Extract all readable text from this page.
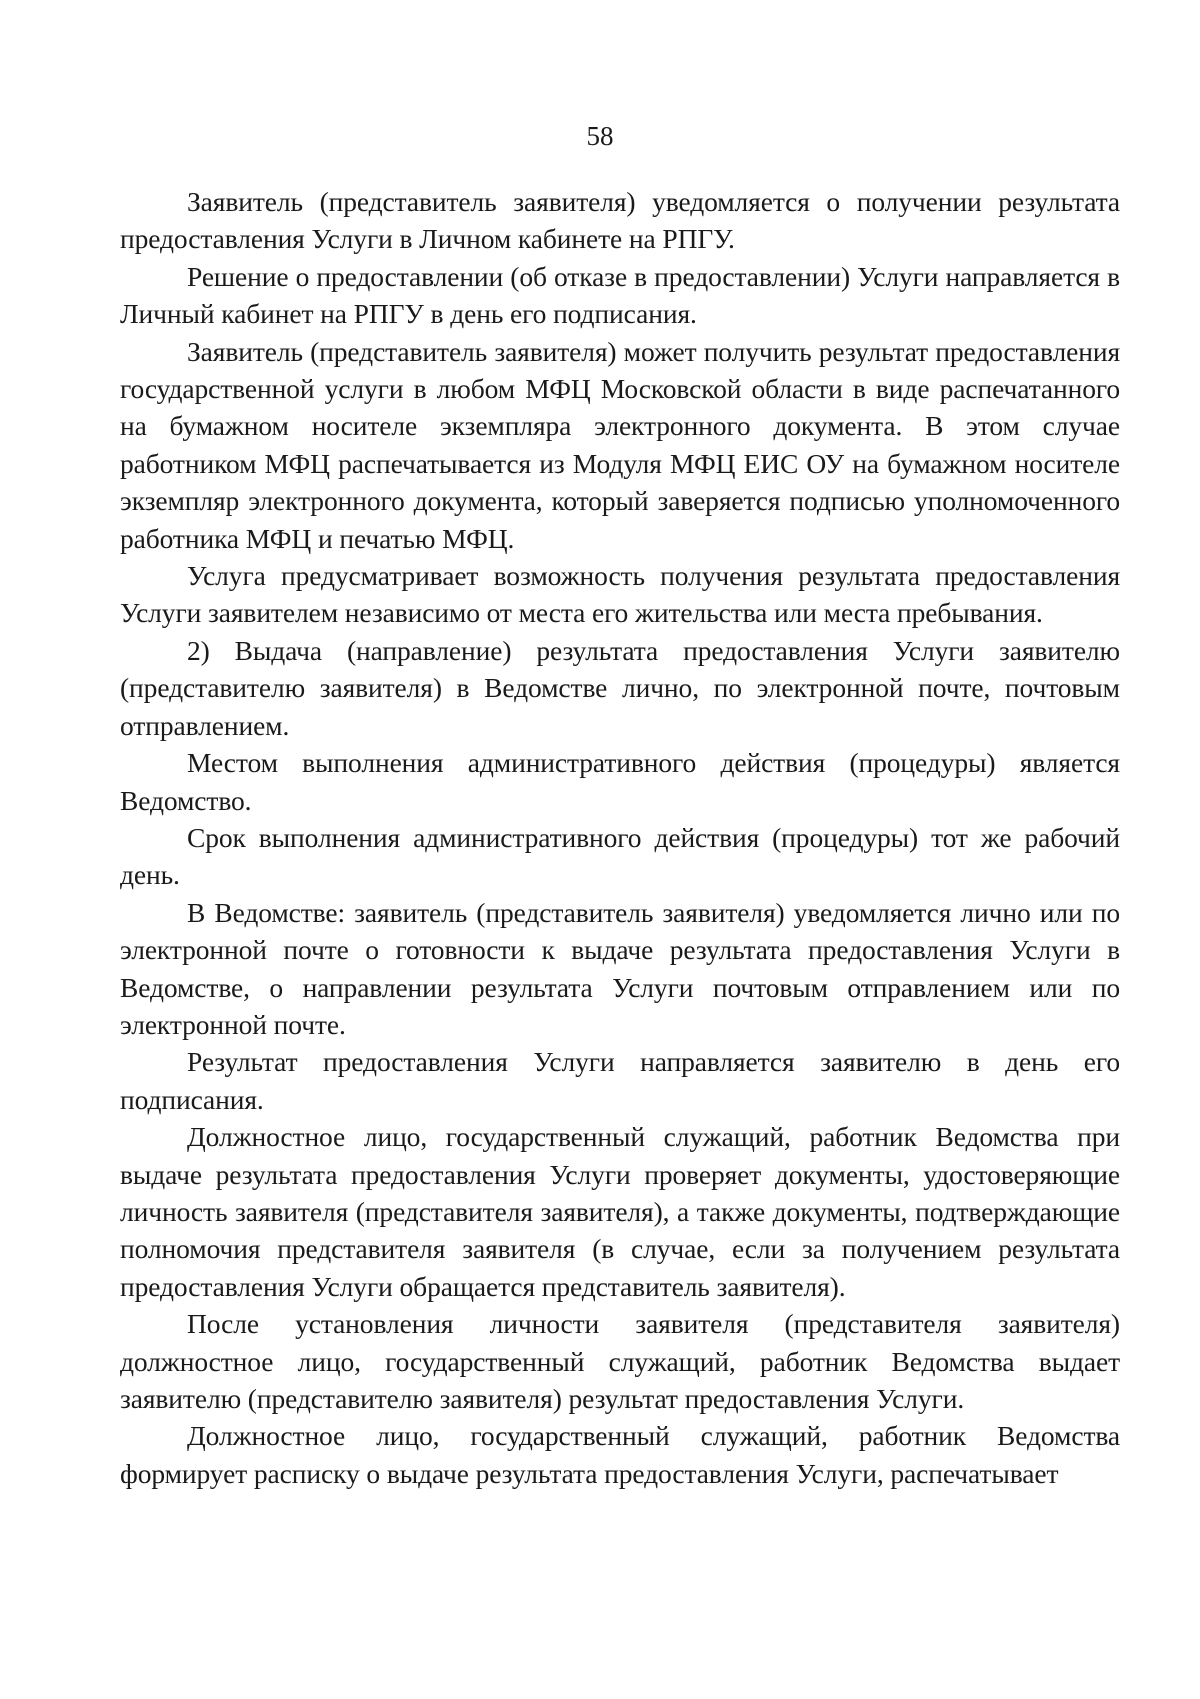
58

Заявитель (представитель заявителя) уведомляется о получении результата предоставления Услуги в Личном кабинете на РПГУ.

Решение о предоставлении (об отказе в предоставлении) Услуги направляется в Личный кабинет на РПГУ в день его подписания.

Заявитель (представитель заявителя) может получить результат предоставления государственной услуги в любом МФЦ Московской области в виде распечатанного на бумажном носителе экземпляра электронного документа. В этом случае работником МФЦ распечатывается из Модуля МФЦ ЕИС ОУ на бумажном носителе экземпляр электронного документа, который заверяется подписью уполномоченного работника МФЦ и печатью МФЦ.

Услуга предусматривает возможность получения результата предоставления Услуги заявителем независимо от места его жительства или места пребывания.

2) Выдача (направление) результата предоставления Услуги заявителю (представителю заявителя) в Ведомстве лично, по электронной почте, почтовым отправлением.

Местом выполнения административного действия (процедуры) является Ведомство.

Срок выполнения административного действия (процедуры) тот же рабочий день.

В Ведомстве: заявитель (представитель заявителя) уведомляется лично или по электронной почте о готовности к выдаче результата предоставления Услуги в Ведомстве, о направлении результата Услуги почтовым отправлением или по электронной почте.

Результат предоставления Услуги направляется заявителю в день его подписания.

Должностное лицо, государственный служащий, работник Ведомства при выдаче результата предоставления Услуги проверяет документы, удостоверяющие личность заявителя (представителя заявителя), а также документы, подтверждающие полномочия представителя заявителя (в случае, если за получением результата предоставления Услуги обращается представитель заявителя).

После установления личности заявителя (представителя заявителя) должностное лицо, государственный служащий, работник Ведомства выдает заявителю (представителю заявителя) результат предоставления Услуги.

Должностное лицо, государственный служащий, работник Ведомства формирует расписку о выдаче результата предоставления Услуги, распечатывает
